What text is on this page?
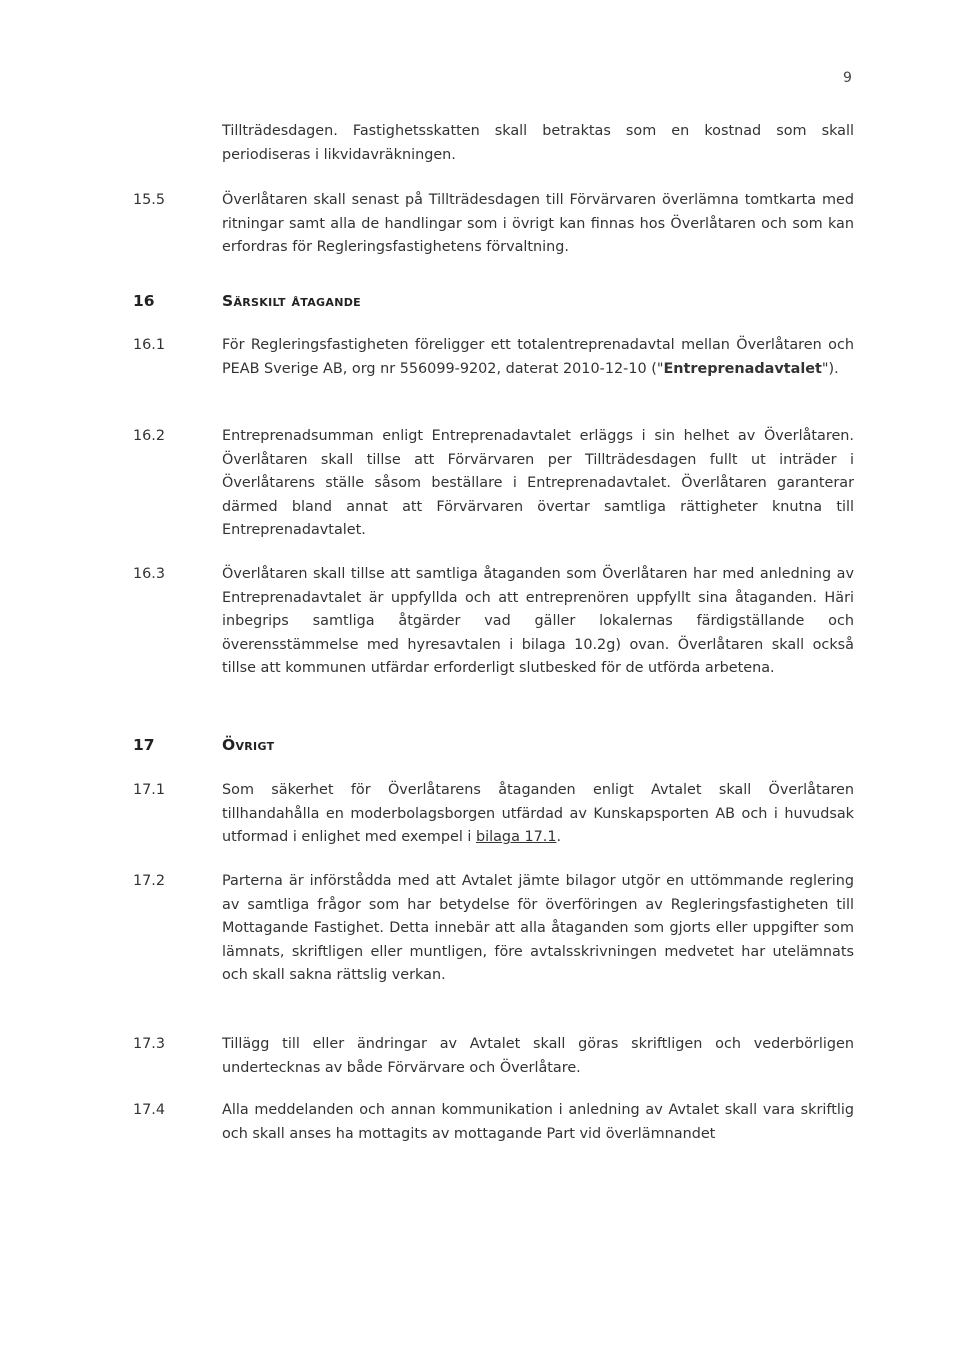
9
Tillträdesdagen. Fastighetsskatten skall betraktas som en kostnad som skall periodiseras i likvidavräkningen.
15.5	Överlåtaren skall senast på Tillträdesdagen till Förvärvaren överlämna tomtkarta med ritningar samt alla de handlingar som i övrigt kan finnas hos Överlåtaren och som kan erfordras för Regleringsfastighetens förvaltning.
16	Särskilt åtagande
16.1	För Regleringsfastigheten föreligger ett totalentreprenadavtal mellan Överlåtaren och PEAB Sverige AB, org nr 556099-9202, daterat 2010-12-10 ("Entreprenadavtalet").
16.2	Entreprenadsumman enligt Entreprenadavtalet erläggs i sin helhet av Överlåtaren. Överlåtaren skall tillse att Förvärvaren per Tillträdesdagen fullt ut inträder i Överlåtarens ställe såsom beställare i Entreprenadavtalet. Överlåtaren garanterar därmed bland annat att Förvärvaren övertar samtliga rättigheter knutna till Entreprenadavtalet.
16.3	Överlåtaren skall tillse att samtliga åtaganden som Överlåtaren har med anledning av Entreprenadavtalet är uppfyllda och att entreprenören uppfyllt sina åtaganden. Häri inbegrips samtliga åtgärder vad gäller lokalernas färdigställande och överensstämmelse med hyresavtalen i bilaga 10.2g) ovan. Överlåtaren skall också tillse att kommunen utfärdar erforderligt slutbesked för de utförda arbetena.
17	Övrigt
17.1	Som säkerhet för Överlåtarens åtaganden enligt Avtalet skall Överlåtaren tillhandahålla en moderbolagsborgen utfärdad av Kunskapsporten AB och i huvudsak utformad i enlighet med exempel i bilaga 17.1.
17.2	Parterna är införstådda med att Avtalet jämte bilagor utgör en uttömmande reglering av samtliga frågor som har betydelse för överföringen av Regleringsfastigheten till Mottagande Fastighet. Detta innebär att alla åtaganden som gjorts eller uppgifter som lämnats, skriftligen eller muntligen, före avtalsskrivningen medvetet har utelämnats och skall sakna rättslig verkan.
17.3	Tillägg till eller ändringar av Avtalet skall göras skriftligen och vederbörligen undertecknas av både Förvärvare och Överlåtare.
17.4	Alla meddelanden och annan kommunikation i anledning av Avtalet skall vara skriftlig och skall anses ha mottagits av mottagande Part vid överlämnandet
